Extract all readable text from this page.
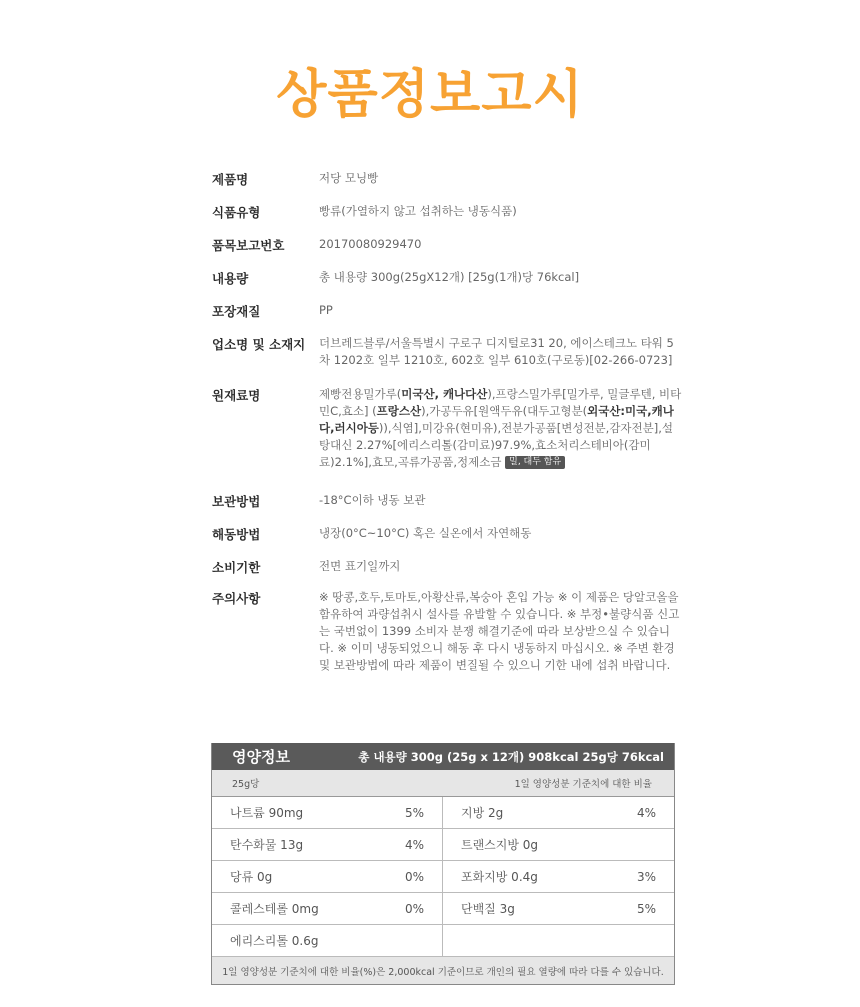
상품정보고시
제품명	저당 모닝빵
식품유형	빵류(가열하지 않고 섭취하는 냉동식품)
품목보고번호	20170080929470
내용량	총 내용량 300g(25gX12개) [25g(1개)당 76kcal]
포장재질	PP
업소명 및 소재지	더브레드블루/서울특별시 구로구 디지털로31 20, 에이스테크노 타워 5차 1202호 일부 1210호, 602호 일부 610호(구로동)[02-266-0723]
원재료명	제빵전용밀가루(미국산, 캐나다산),프랑스밀가루[밀가루, 밀글루텐, 비타민C,효소] (프랑스산),가공두유[원액두유(대두고형분(외국산:미국,캐나다,러시아등)),식염],미강유(현미유),전분가공품[변성전분,감자전분],설탕대신 2.27%[에리스리톨(감미료)97.9%,효소처리스테비아(감미료)2.1%],효모,곡류가공품,정제소금 밀, 대두 함유
보관방법	-18°C이하 냉동 보관
해동방법	냉장(0°C~10°C) 혹은 실온에서 자연해동
소비기한	전면 표기일까지
주의사항	※ 땅콩,호두,토마토,아황산류,복숭아 혼입 가능 ※ 이 제품은 당알코올을 함유하여 과량섭취시 설사를 유발할 수 있습니다. ※ 부정•불량식품 신고는 국번없이 1399 소비자 분쟁 해결기준에 따라 보상받으실 수 있습니다. ※ 이미 냉동되었으니 해동 후 다시 냉동하지 마십시오. ※ 주변 환경 및 보관방법에 따라 제품이 변질될 수 있으니 기한 내에 섭취 바랍니다.
영양정보	총 내용량 300g (25g x 12개) 908kcal 25g당 76kcal
25g당	1일 영양성분 기준치에 대한 비율
나트륨 90mg	5%	지방 2g	4%
탄수화물 13g	4%	트랜스지방 0g
당류 0g	0%	포화지방 0.4g	3%
콜레스테롤 0mg	0%	단백질 3g	5%
에리스리톨 0.6g
1일 영양성분 기준치에 대한 비율(%)은 2,000kcal 기준이므로 개인의 필요 열량에 따라 다를 수 있습니다.
